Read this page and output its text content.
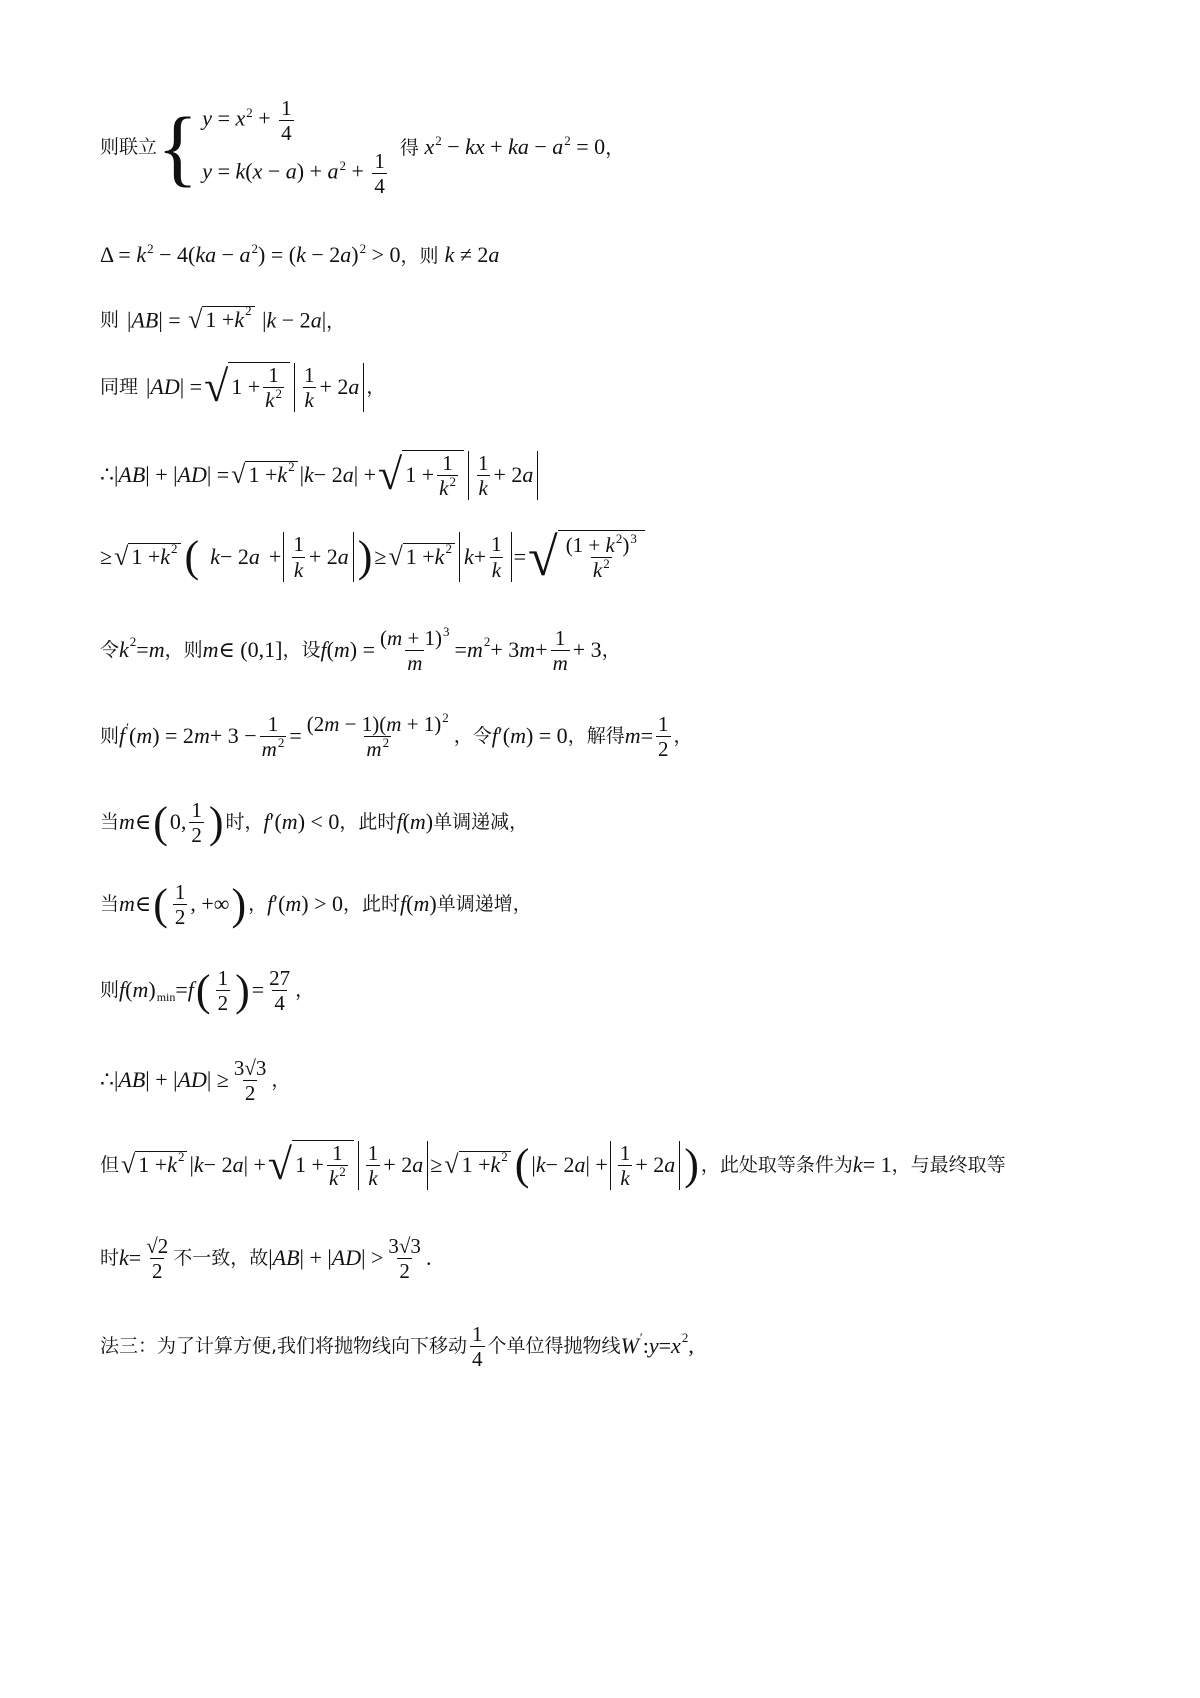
则联立 { $y = x^2 + \frac{1}{4}$
$y = k(x - a) + a^2 + \frac{1}{4}$
得 $x^2$ − kx + ka − $a^2 = 0$，
$\Delta = k^2 - 4(ka - a^2) = (k - 2a)^2 > 0$，则 k ≠ 2a
则 |AB| = √ 1 + k 2 |k − 2a|，
同理 | AD | = √ $1 + \frac{1}{k^2} \frac{1}{k} + 2$ a ，
∴| AB | + | AD | = √ 1 + k 2 | k − 2 a | + √ $1 + \frac{1}{k^2} \frac{1}{k} + 2$ a
≥ √ 1 + k 2 ( k − 2 $a + \frac{1}{k} + 2$ a ) ≥ √ 1 + k 2 $k + \frac{1}{k}$ = √ $\frac{(1 + k^2)^3}{k^2}$
令 k 2 = m ，则 m ∈ (0,1] ，设 f ( m ) = $\frac{(m + 1)^3}{m} = m$ 2 + 3 $m + \frac{1}{m} + 3$ ，
则 f ′ ( m ) = 2 $m + 3 - \frac{1}{m^2} = \frac{(2m - 1)(m + 1)^2}{m^2}$ ，令 f ′( m ) = 0 ，解得 $m = \frac{1}{2}$ ，
当 m ∈ ( 0, $\frac{1}{2}$ ) 时， f ′( m ) < 0 ，此时 f ( m ) 单调递减，
当 m ∈ ( $\frac{1}{2}$ , +∞ ) ， f ′( m ) > 0 ，此时 f ( m ) 单调递增，
则 f ( m ) min = f ( $\frac{1}{2}$ ) = $\frac{27}{4}$ ，
∴| AB | + | AD | ≥ $\frac{3√3}{2}$ ，
但 √ 1 + k 2 | k − 2 a | + √ $1 + \frac{1}{k^2} \frac{1}{k} + 2$ a ≥ √ 1 + k 2 ( | k − 2 a | + $\frac{1}{k} + 2$ a ) ，此处取等条件为 k = 1 ，与最终取等
时 $k = \frac{√2}{2}$ 不一致，故 | AB | + | AD | > $\frac{3√3}{2}$ .
法三：为了计算方便,我们将抛物线向下移动 $\frac{1}{4}$ 个单位得抛物线 W ′ : y = x 2 ,
